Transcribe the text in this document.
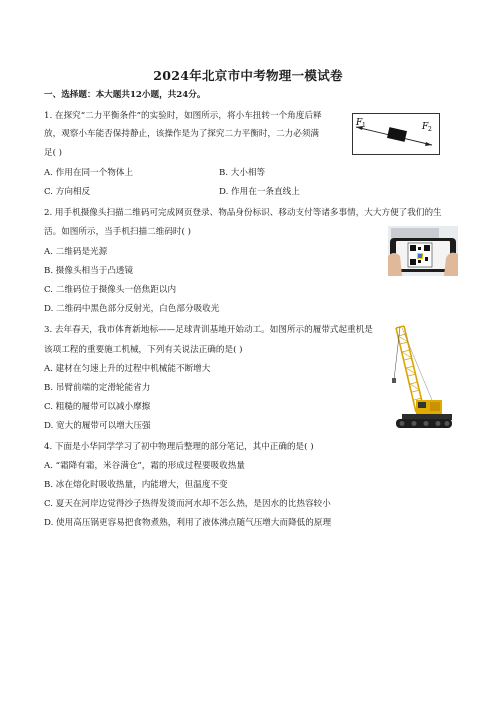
2024年北京市中考物理一模试卷
一、选择题：本大题共12小题，共24分。
1. 在探究“二力平衡条件”的实验时，如图所示，将小车扭转一个角度后释
放，观察小车能否保持静止，该操作是为了探究二力平衡时，二力必须满
足( )
A. 作用在同一个物体上	B. 大小相等
C. 方向相反	D. 作用在一条直线上
F 1	F 2
2. 用手机摄像头扫描二维码可完成网页登录、物品身份标识、移动支付等诸多事情，大大方便了我们的生
活。如图所示，当手机扫描二维码时( )
A. 二维码是光源
B. 摄像头相当于凸透镜
C. 二维码位于摄像头一倍焦距以内
D. 二维码中黑色部分反射光，白色部分吸收光
3. 去年春天，我市体育新地标——足球青训基地开始动工。如图所示的履带式起重机是
该项工程的重要施工机械，下列有关说法正确的是( )
A. 建材在匀速上升的过程中机械能不断增大
B. 吊臂前端的定滑轮能省力
C. 粗糙的履带可以减小摩擦
D. 宽大的履带可以增大压强
4. 下面是小华同学学习了初中物理后整理的部分笔记，其中正确的是( )
A. “霜降有霜，米谷满仓”，霜的形成过程要吸收热量
B. 冰在熔化时吸收热量，内能增大，但温度不变
C. 夏天在河岸边觉得沙子热得发烫而河水却不怎么热，是因水的比热容较小
D. 使用高压锅更容易把食物煮熟，利用了液体沸点随气压增大而降低的原理
